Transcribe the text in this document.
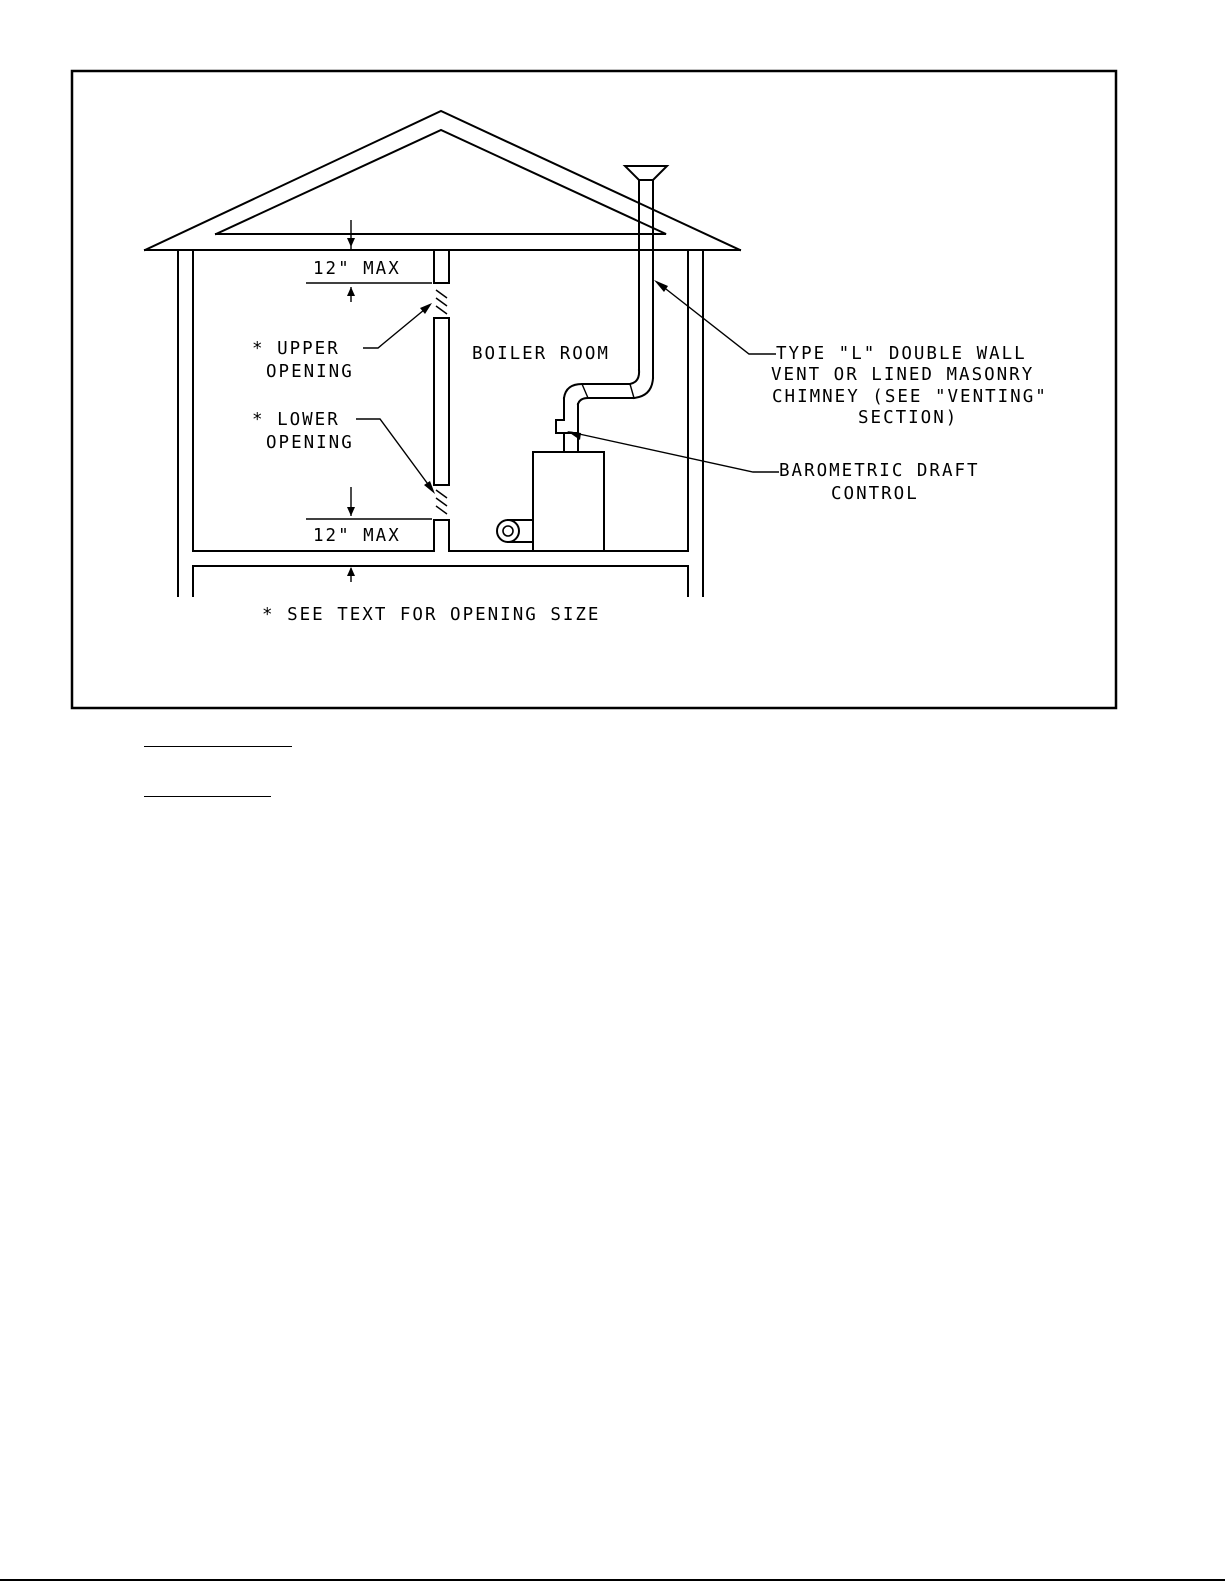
12" MAX
12" MAX
* UPPER
OPENING
* LOWER
OPENING
BOILER ROOM	TYPE "L" DOUBLE WALL
VENT OR LINED MASONRY
CHIMNEY (SEE "VENTING"
SECTION)
BAROMETRIC DRAFT
CONTROL
* SEE TEXT FOR OPENING SIZE
